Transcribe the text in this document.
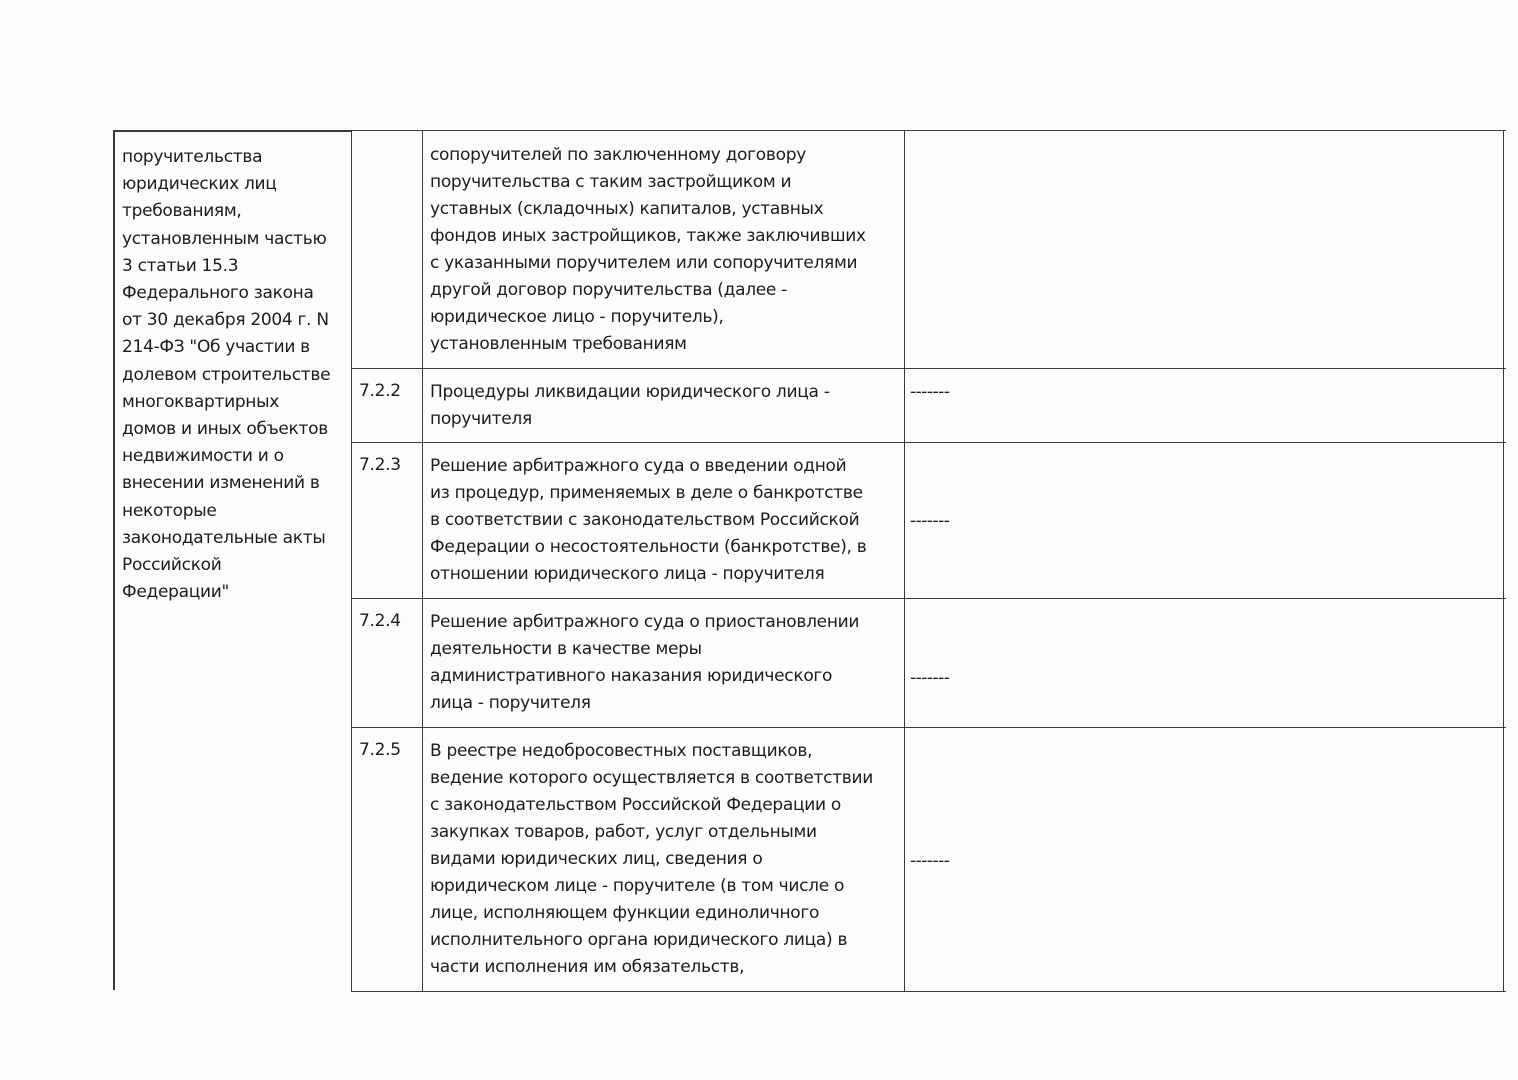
поручительства
юридических лиц
требованиям,
установленным частью
3 статьи 15.3
Федерального закона
от 30 декабря 2004 г. N
214-ФЗ "Об участии в
долевом строительстве
многоквартирных
домов и иных объектов
недвижимости и о
внесении изменений в
некоторые
законодательные акты
Российской
Федерации"
сопоручителей по заключенному договору
поручительства с таким застройщиком и
уставных (складочных) капиталов, уставных
фондов иных застройщиков, также заключивших
с указанными поручителем или сопоручителями
другой договор поручительства (далее -
юридическое лицо - поручитель),
установленным требованиям
7.2.2 Процедуры ликвидации юридического лица -
поручителя
-------
7.2.3 Решение арбитражного суда о введении одной
из процедур, применяемых в деле о банкротстве
в соответствии с законодательством Российской
Федерации о несостоятельности (банкротстве), в
отношении юридического лица - поручителя
-------
7.2.4 Решение арбитражного суда о приостановлении
деятельности в качестве меры
административного наказания юридического
лица - поручителя
-------
7.2.5 В реестре недобросовестных поставщиков,
ведение которого осуществляется в соответствии
с законодательством Российской Федерации о
закупках товаров, работ, услуг отдельными
видами юридических лиц, сведения о
юридическом лице - поручителе (в том числе о
лице, исполняющем функции единоличного
исполнительного органа юридического лица) в
части исполнения им обязательств,
-------
